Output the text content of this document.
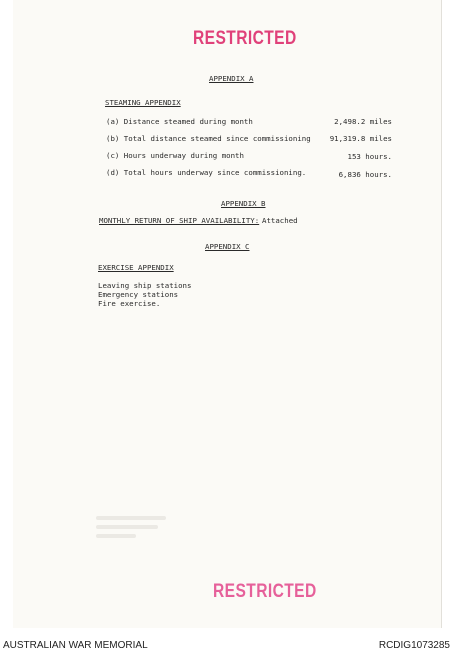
RESTRICTED
APPENDIX A
STEAMING APPENDIX
(a) Distance steamed during month	2,498.2 miles
(b) Total distance steamed since commissioning	91,319.8 miles
(c) Hours underway during month	153 hours.
(d) Total hours underway since commissioning.	6,836 hours.
APPENDIX B
MONTHLY RETURN OF SHIP AVAILABILITY: Attached
APPENDIX C
EXERCISE APPENDIX
Leaving ship stations
Emergency stations
Fire exercise.
RESTRICTED
AUSTRALIAN WAR MEMORIAL	RCDIG1073285
